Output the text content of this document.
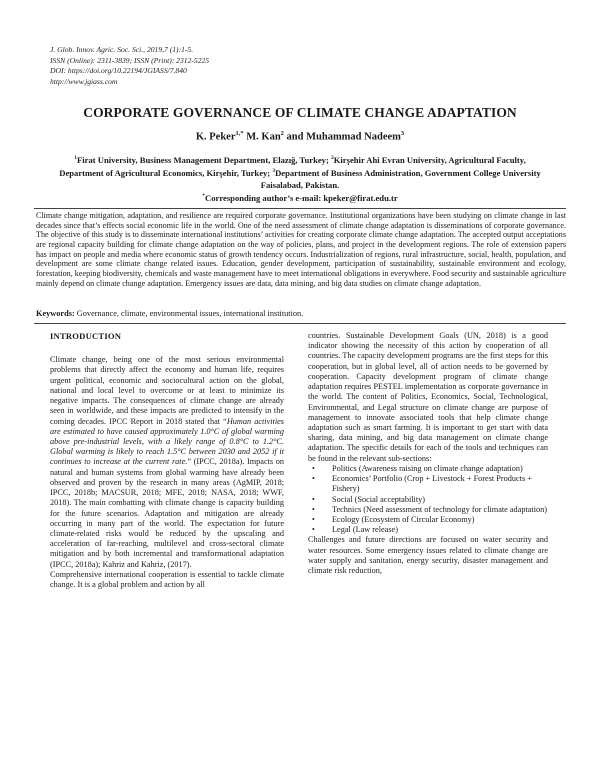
J. Glob. Innov. Agric. Soc. Sci., 2019,7 (1):1-5.
ISSN (Online): 2311-3839; ISSN (Print): 2312-5225
DOI: https://doi.org/10.22194/JGIASS/7.840
http://www.jgiass.com
CORPORATE GOVERNANCE OF CLIMATE CHANGE ADAPTATION
K. Peker$^{1,*}$ M. Kan$^2$ and Muhammad Nadeem$^3$
$^1$Firat University, Business Management Department, Elazığ, Turkey; $^2$Kirşehir Ahi Evran University, Agricultural Faculty, Department of Agricultural Economics, Kirşehir, Turkey; $^3$Department of Business Administration, Government College University Faisalabad, Pakistan.
*Corresponding author’s e-mail: kpeker@firat.edu.tr
Climate change mitigation, adaptation, and resilience are required corporate governance. Institutional organizations have been studying on climate change in last decades since that’s effects social economic life in the world. One of the need assessment of climate change adaptation is disseminations of corporate governance. The objective of this study is to disseminate international institutions’ activities for creating corporate climate change adaptation. The accepted output acceptations are regional capacity building for climate change adaptation on the way of policies, plans, and project in the development regions. The role of extension papers has impact on people and media where economic status of growth tendency occurs. Industrialization of regions, rural infrastructure, social, health, population, and development are some climate change related issues. Education, gender development, participation of sustainability, sustainable environment and ecology, forestation, keeping biodiversity, chemicals and waste management have to meet international obligations in everywhere. Food security and sustainable agriculture mainly depend on climate change adaptation. Emergency issues are data, data mining, and big data studies on climate change adaptation.
Keywords: Governance, climate, environmental issues, international institution.
INTRODUCTION

Climate change, being one of the most serious environmental problems that directly affect the economy and human life, requires urgent political, economic and sociocultural action on the global, national and local level to overcome or at least to minimize its negative impacts. The consequences of climate change are already seen in worldwide, and these impacts are predicted to intensify in the coming decades. IPCC Report in 2018 stated that “Human activities are estimated to have caused approximately 1.0°C of global warming above pre-industrial levels, with a likely range of 0.8°C to 1.2°C. Global warming is likely to reach 1.5°C between 2030 and 2052 if it continues to increase at the current rate.” (IPCC, 2018a). Impacts on natural and human systems from global warming have already been observed and proven by the research in many areas (AgMIP, 2018; IPCC, 2018b; MACSUR, 2018; MFE, 2018; NASA, 2018; WWF, 2018). The main combatting with climate change is capacity building for the future scenarios. Adaptation and mitigation are already occurring in many part of the world. The expectation for future climate-related risks would be reduced by the upscaling and acceleration of far-reaching, multilevel and cross-sectoral climate mitigation and by both incremental and transformational adaptation (IPCC, 2018a); Kahriz and Kahriz, (2017).

Comprehensive international cooperation is essential to tackle climate change. It is a global problem and action by all

countries. Sustainable Development Goals (UN, 2018) is a good indicator showing the necessity of this action by cooperation of all countries. The capacity development programs are the first steps for this cooperation, but in global level, all of action needs to be governed by cooperation. Capacity development program of climate change adaptation requires PESTEL implementation as corporate governance in the world. The content of Politics, Economics, Social, Technological, Environmental, and Legal structure on climate change are purpose of management to innovate associated tools that help climate change adaptation such as smart farming. It is important to get start with data sharing, data mining, and big data management on climate change adaptation. The specific details for each of the tools and techniques can be found in the relevant sub-sections:

• Politics (Awareness raising on climate change adaptation)
• Economics’ Portfolio (Crop + Livestock + Forest Products + Fishery)
• Social (Social acceptability)
• Technics (Need assessment of technology for climate adaptation)
• Ecology (Ecosystem of Circular Economy)
• Legal (Law release)

Challenges and future directions are focused on water security and water resources. Some emergency issues related to climate change are water supply and sanitation, energy security, disaster management and climate risk reduction,
